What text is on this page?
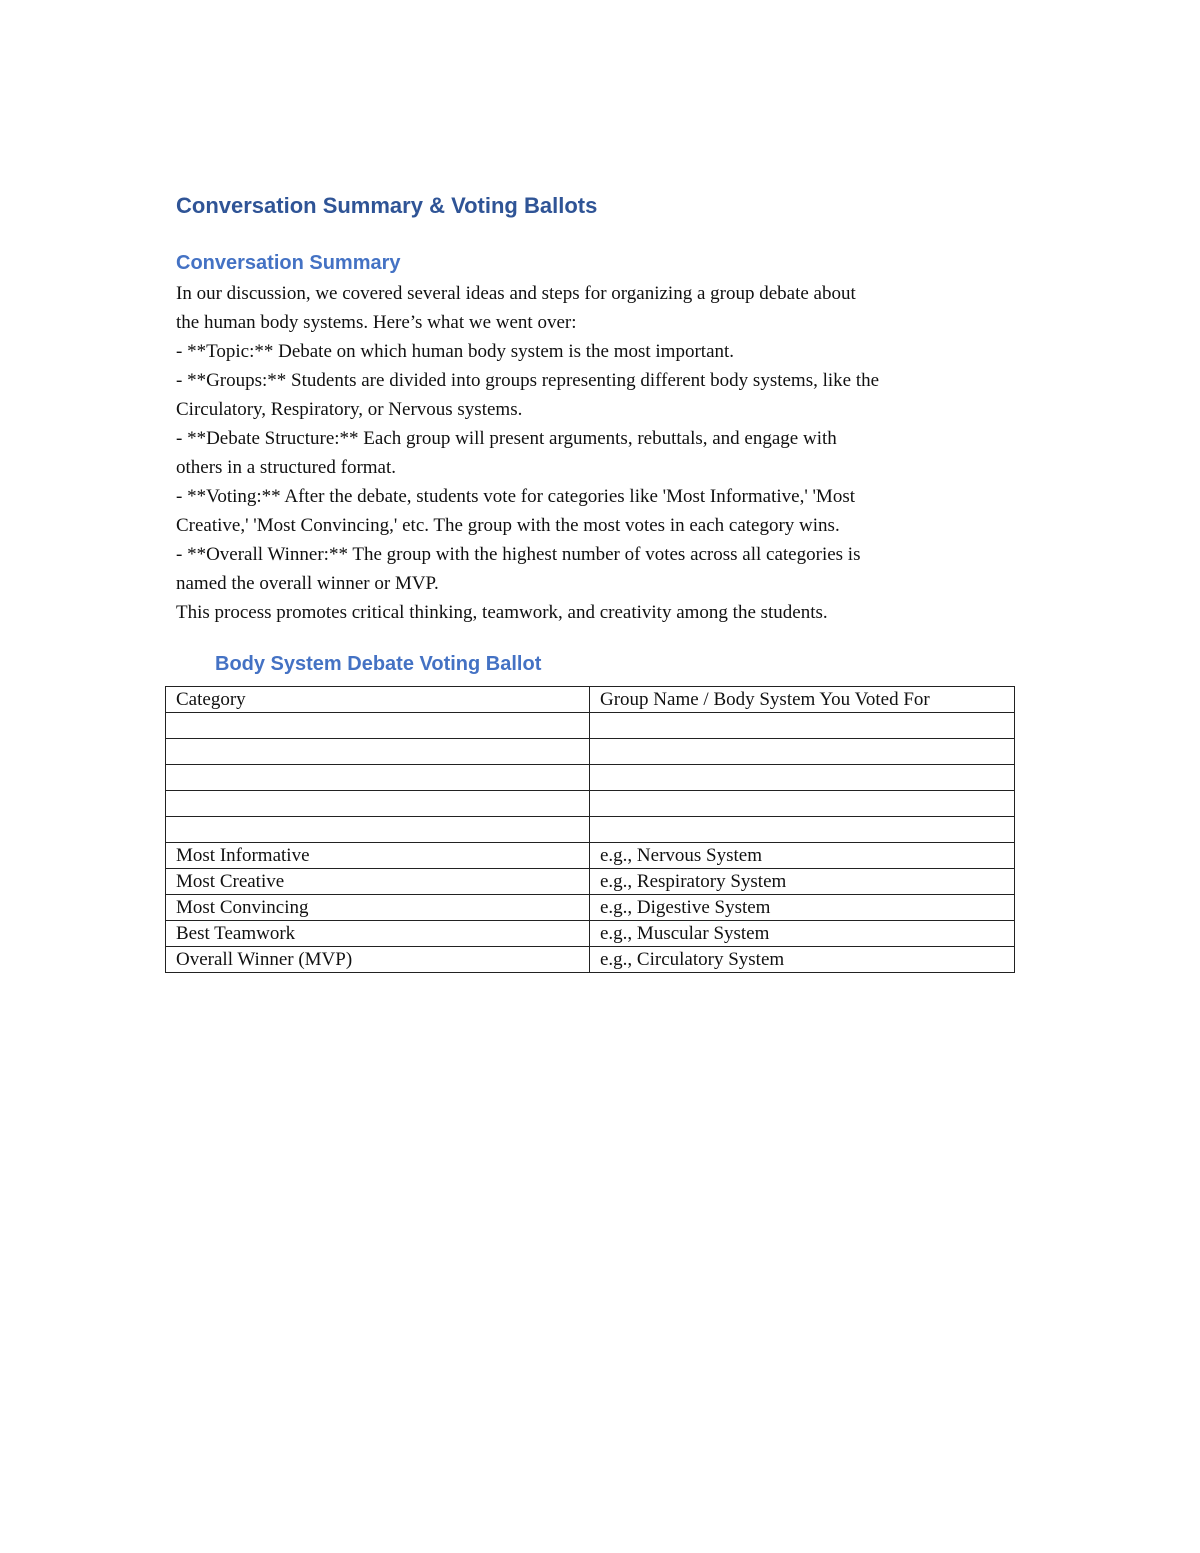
Conversation Summary & Voting Ballots
Conversation Summary

In our discussion, we covered several ideas and steps for organizing a group debate about

the human body systems. Here’s what we went over:

- **Topic:** Debate on which human body system is the most important.

- **Groups:** Students are divided into groups representing different body systems, like the

Circulatory, Respiratory, or Nervous systems.

- **Debate Structure:** Each group will present arguments, rebuttals, and engage with

others in a structured format.

- **Voting:** After the debate, students vote for categories like 'Most Informative,' 'Most

Creative,' 'Most Convincing,' etc. The group with the most votes in each category wins.

- **Overall Winner:** The group with the highest number of votes across all categories is

named the overall winner or MVP.

This process promotes critical thinking, teamwork, and creativity among the students.

Body System Debate Voting Ballot
Category	Group Name / Body System You Voted For

Most Informative	e.g., Nervous System
Most Creative	e.g., Respiratory System
Most Convincing	e.g., Digestive System
Best Teamwork	e.g., Muscular System
Overall Winner (MVP)	e.g., Circulatory System
